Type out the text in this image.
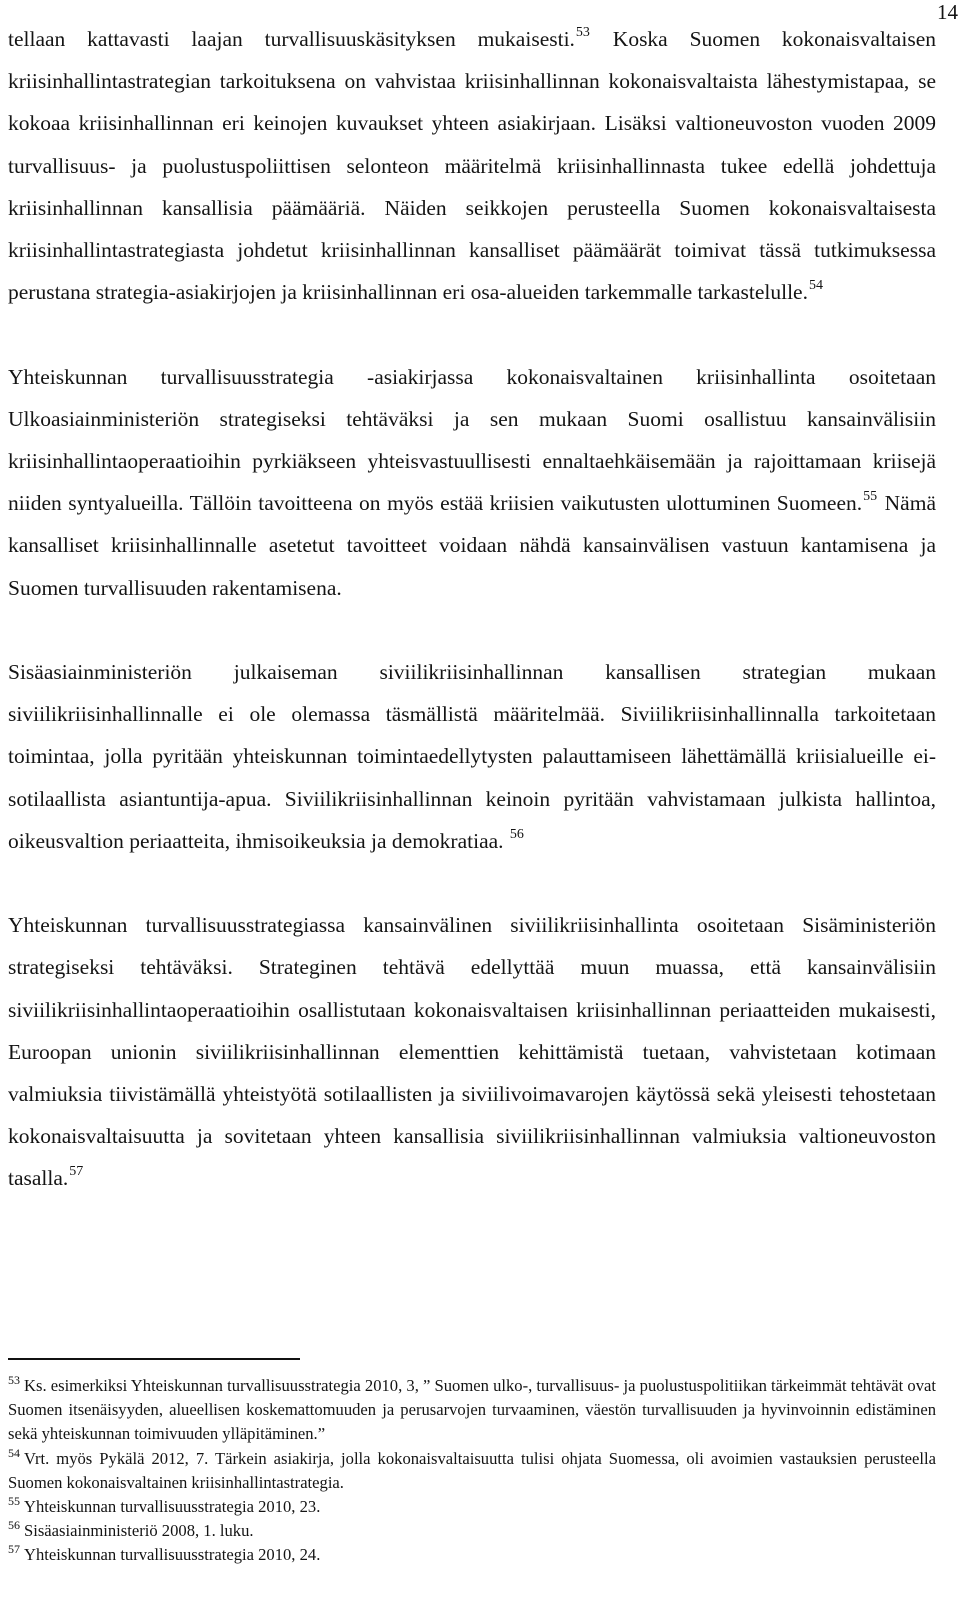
14

tellaan kattavasti laajan turvallisuuskäsityksen mukaisesti.$^{53}$ Koska Suomen kokonaisvaltaisen kriisinhallintastrategian tarkoituksena on vahvistaa kriisinhallinnan kokonaisvaltaista lähestymistapaa, se kokoaa kriisinhallinnan eri keinojen kuvaukset yhteen asiakirjaan. Lisäksi valtioneuvoston vuoden 2009 turvallisuus- ja puolustuspoliittisen selonteon määritelmä kriisinhallinnasta tukee edellä johdettuja kriisinhallinnan kansallisia päämääriä. Näiden seikkojen perusteella Suomen kokonaisvaltaisesta kriisinhallintastrategiasta johdetut kriisinhallinnan kansalliset päämäärät toimivat tässä tutkimuksessa perustana strategia-asiakirjojen ja kriisinhallinnan eri osa-alueiden tarkemmalle tarkastelulle.$^{54}$

Yhteiskunnan turvallisuusstrategia -asiakirjassa kokonaisvaltainen kriisinhallinta osoitetaan Ulkoasiainministeriön strategiseksi tehtäväksi ja sen mukaan Suomi osallistuu kansainvälisiin kriisinhallintaoperaatioihin pyrkiäkseen yhteisvastuullisesti ennaltaehkäisemään ja rajoittamaan kriisejä niiden syntyalueilla. Tällöin tavoitteena on myös estää kriisien vaikutusten ulottuminen Suomeen.$^{55}$ Nämä kansalliset kriisinhallinnalle asetetut tavoitteet voidaan nähdä kansainvälisen vastuun kantamisena ja Suomen turvallisuuden rakentamisena.

Sisäasiainministeriön julkaiseman siviilikriisinhallinnan kansallisen strategian mukaan siviilikriisinhallinnalle ei ole olemassa täsmällistä määritelmää. Siviilikriisinhallinnalla tarkoitetaan toimintaa, jolla pyritään yhteiskunnan toimintaedellytysten palauttamiseen lähettämällä kriisialueille ei-sotilaallista asiantuntija-apua. Siviilikriisinhallinnan keinoin pyritään vahvistamaan julkista hallintoa, oikeusvaltion periaatteita, ihmisoikeuksia ja demokratiaa. $^{56}$

Yhteiskunnan turvallisuusstrategiassa kansainvälinen siviilikriisinhallinta osoitetaan Sisäministeriön strategiseksi tehtäväksi. Strateginen tehtävä edellyttää muun muassa, että kansainvälisiin siviilikriisinhallintaoperaatioihin osallistutaan kokonaisvaltaisen kriisinhallinnan periaatteiden mukaisesti, Euroopan unionin siviilikriisinhallinnan elementtien kehittämistä tuetaan, vahvistetaan kotimaan valmiuksia tiivistämällä yhteistyötä sotilaallisten ja siviilivoimavarojen käytössä sekä yleisesti tehostetaan kokonaisvaltaisuutta ja sovitetaan yhteen kansallisia siviilikriisinhallinnan valmiuksia valtioneuvoston tasalla.$^{57}$

$^{53}$ Ks. esimerkiksi Yhteiskunnan turvallisuusstrategia 2010, 3, ” Suomen ulko-, turvallisuus- ja puolustuspolitiikan tärkeimmät tehtävät ovat Suomen itsenäisyyden, alueellisen koskemattomuuden ja perusarvojen turvaaminen, väestön turvallisuuden ja hyvinvoinnin edistäminen sekä yhteiskunnan toimivuuden ylläpitäminen.”

$^{54}$ Vrt. myös Pykälä 2012, 7. Tärkein asiakirja, jolla kokonaisvaltaisuutta tulisi ohjata Suomessa, oli avoimien vastauksien perusteella Suomen kokonaisvaltainen kriisinhallintastrategia.

$^{55}$ Yhteiskunnan turvallisuusstrategia 2010, 23.

$^{56}$ Sisäasiainministeriö 2008, 1. luku.

$^{57}$ Yhteiskunnan turvallisuusstrategia 2010, 24.
